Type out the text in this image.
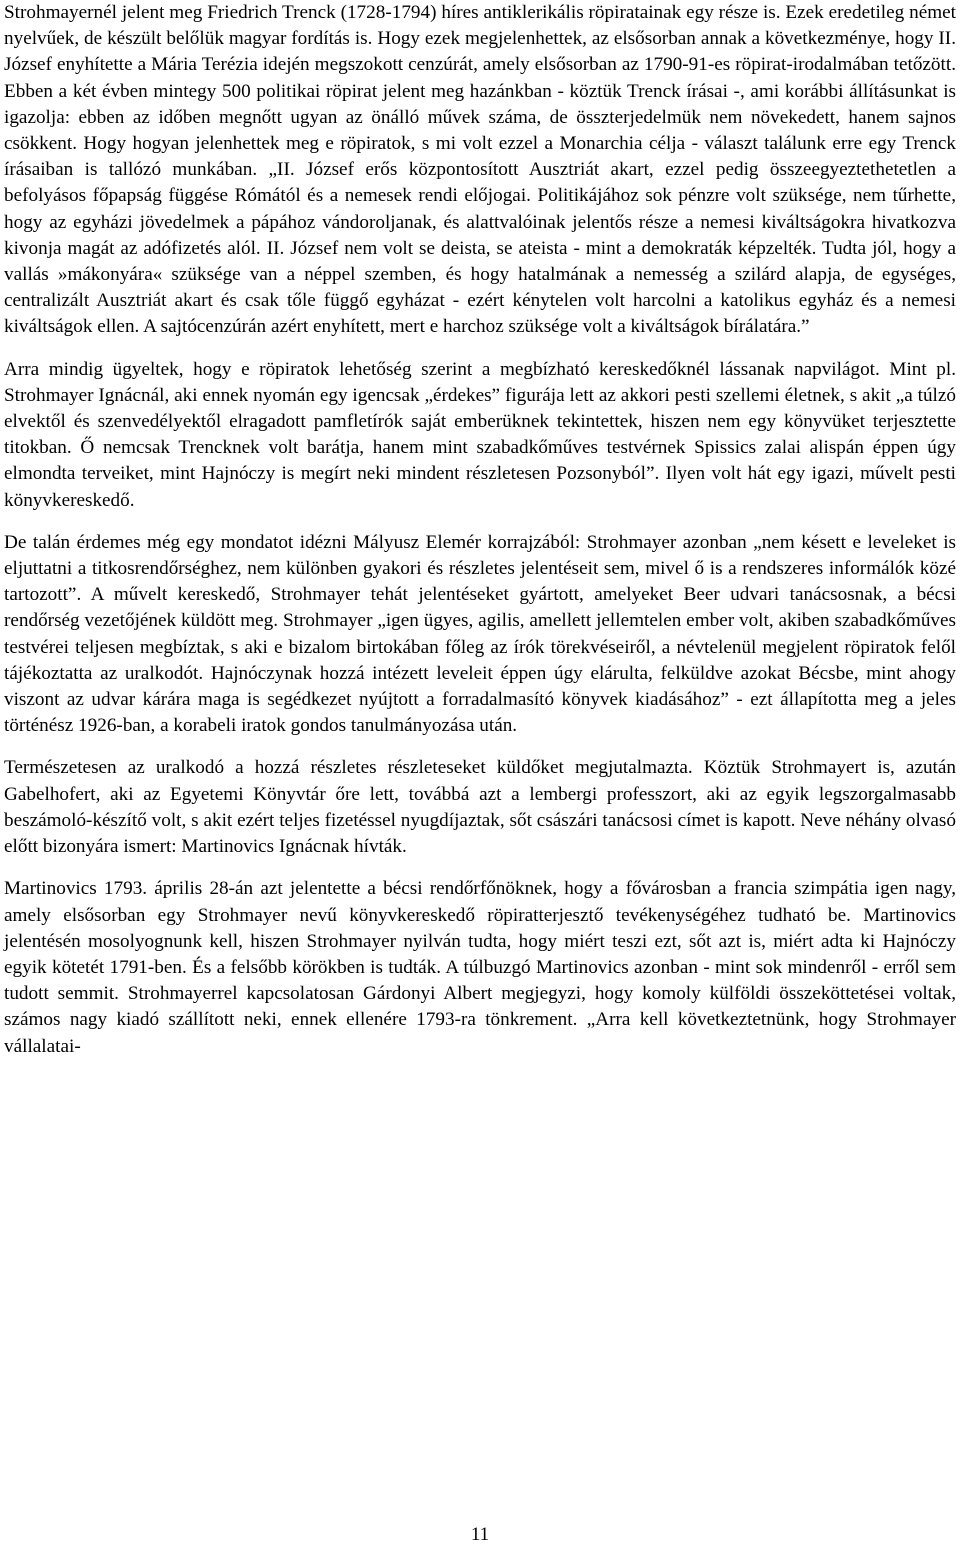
Strohmayernél jelent meg Friedrich Trenck (1728-1794) híres antiklerikális röpiratainak egy része is. Ezek eredetileg német nyelvűek, de készült belőlük magyar fordítás is. Hogy ezek megjelenhettek, az elsősorban annak a következménye, hogy II. József enyhítette a Mária Terézia idején megszokott cenzúrát, amely elsősorban az 1790-91-es röpirat-irodalmában tetőzött. Ebben a két évben mintegy 500 politikai röpirat jelent meg hazánkban - köztük Trenck írásai -, ami korábbi állításunkat is igazolja: ebben az időben megnőtt ugyan az önálló művek száma, de összterjedelmük nem növekedett, hanem sajnos csökkent. Hogy hogyan jelenhettek meg e röpiratok, s mi volt ezzel a Monarchia célja - választ találunk erre egy Trenck írásaiban is tallózó munkában. „II. József erős központosított Ausztriát akart, ezzel pedig összeegyeztethetetlen a befolyásos főpapság függése Rómától és a nemesek rendi előjogai. Politikájához sok pénzre volt szüksége, nem tűrhette, hogy az egyházi jövedelmek a pápához vándoroljanak, és alattvalóinak jelentős része a nemesi kiváltságokra hivatkozva kivonja magát az adófizetés alól. II. József nem volt se deista, se ateista - mint a demokraták képzelték. Tudta jól, hogy a vallás »mákonyára« szüksége van a néppel szemben, és hogy hatalmának a nemesség a szilárd alapja, de egységes, centralizált Ausztriát akart és csak tőle függő egyházat - ezért kénytelen volt harcolni a katolikus egyház és a nemesi kiváltságok ellen. A sajtócenzúrán azért enyhített, mert e harchoz szüksége volt a kiváltságok bírálatára.”

Arra mindig ügyeltek, hogy e röpiratok lehetőség szerint a megbízható kereskedőknél lássanak napvilágot. Mint pl. Strohmayer Ignácnál, aki ennek nyomán egy igencsak „érdekes” figurája lett az akkori pesti szellemi életnek, s akit „a túlzó elvektől és szenvedélyektől elragadott pamfletírók saját emberüknek tekintettek, hiszen nem egy könyvüket terjesztette titokban. Ő nemcsak Trencknek volt barátja, hanem mint szabadkőműves testvérnek Spissics zalai alispán éppen úgy elmondta terveiket, mint Hajnóczy is megírt neki mindent részletesen Pozsonyból”. Ilyen volt hát egy igazi, művelt pesti könyvkereskedő.

De talán érdemes még egy mondatot idézni Mályusz Elemér korrajzából: Strohmayer azonban „nem késett e leveleket is eljuttatni a titkosrendőrséghez, nem különben gyakori és részletes jelentéseit sem, mivel ő is a rendszeres informálók közé tartozott”. A művelt kereskedő, Strohmayer tehát jelentéseket gyártott, amelyeket Beer udvari tanácsosnak, a bécsi rendőrség vezetőjének küldött meg. Strohmayer „igen ügyes, agilis, amellett jellemtelen ember volt, akiben szabadkőműves testvérei teljesen megbíztak, s aki e bizalom birtokában főleg az írók törekvéseiről, a névtelenül megjelent röpiratok felől tájékoztatta az uralkodót. Hajnóczynak hozzá intézett leveleit éppen úgy elárulta, felküldve azokat Bécsbe, mint ahogy viszont az udvar kárára maga is segédkezet nyújtott a forradalmasító könyvek kiadásához” - ezt állapította meg a jeles történész 1926-ban, a korabeli iratok gondos tanulmányozása után.

Természetesen az uralkodó a hozzá részletes részleteseket küldőket megjutalmazta. Köztük Strohmayert is, azután Gabelhofert, aki az Egyetemi Könyvtár őre lett, továbbá azt a lembergi professzort, aki az egyik legszorgalmasabb beszámoló-készítő volt, s akit ezért teljes fizetéssel nyugdíjaztak, sőt császári tanácsosi címet is kapott. Neve néhány olvasó előtt bizonyára ismert: Martinovics Ignácnak hívták.

Martinovics 1793. április 28-án azt jelentette a bécsi rendőrfőnöknek, hogy a fővárosban a francia szimpátia igen nagy, amely elsősorban egy Strohmayer nevű könyvkereskedő röpiratterjesztő tevékenységéhez tudható be. Martinovics jelentésén mosolyognunk kell, hiszen Strohmayer nyilván tudta, hogy miért teszi ezt, sőt azt is, miért adta ki Hajnóczy egyik kötetét 1791-ben. És a felsőbb körökben is tudták. A túlbuzgó Martinovics azonban - mint sok mindenről - erről sem tudott semmit. Strohmayerrel kapcsolatosan Gárdonyi Albert megjegyzi, hogy komoly külföldi összeköttetései voltak, számos nagy kiadó szállított neki, ennek ellenére 1793-ra tönkrement. „Arra kell következtetnünk, hogy Strohmayer vállalatai-

11
